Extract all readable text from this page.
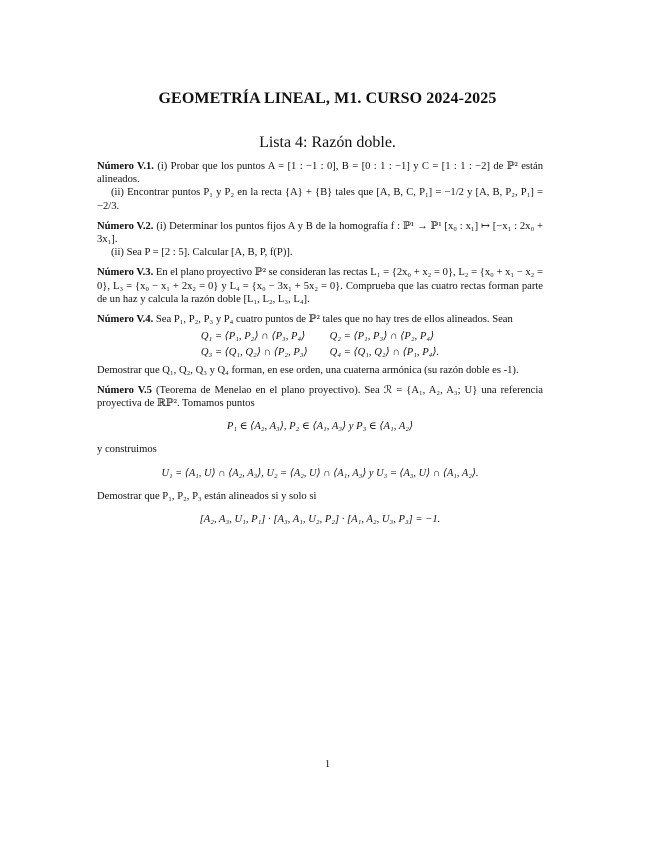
GEOMETRÍA LINEAL, M1. CURSO 2024-2025
Lista 4: Razón doble.

Número V.1. (i) Probar que los puntos A = [1 : −1 : 0], B = [0 : 1 : −1] y C = [1 : 1 : −2] de ℙ² están alineados.

(ii) Encontrar puntos P₁ y P₂ en la recta {A} + {B} tales que [A, B, C, P₁] = −1/2 y [A, B, P₂, P₁] = −2/3.

Número V.2. (i) Determinar los puntos fijos A y B de la homografía f : ℙ¹ → ℙ¹ [x₀ : x₁] ↦ [−x₁ : 2x₀ + 3x₁].

(ii) Sea P = [2 : 5]. Calcular [A, B, P, f(P)].

Número V.3. En el plano proyectivo ℙ² se consideran las rectas L₁ = {2x₀ + x₂ = 0}, L₂ = {x₀ + x₁ − x₂ = 0}, L₃ = {x₀ − x₁ + 2x₂ = 0} y L₄ = {x₀ − 3x₁ + 5x₂ = 0}. Comprueba que las cuatro rectas forman parte de un haz y calcula la razón doble [L₁, L₂, L₃, L₄].

Número V.4. Sea P₁, P₂, P₃ y P₄ cuatro puntos de ℙ² tales que no hay tres de ellos alineados. Sean

Q₁ = ⟨P₁, P₂⟩ ∩ ⟨P₃, P₄⟩ Q₂ = ⟨P₁, P₃⟩ ∩ ⟨P₂, P₄⟩
Q₃ = ⟨Q₁, Q₂⟩ ∩ ⟨P₂, P₃⟩ Q₄ = ⟨Q₁, Q₂⟩ ∩ ⟨P₁, P₄⟩.

Demostrar que Q₁, Q₂, Q₃ y Q₄ forman, en ese orden, una cuaterna armónica (su razón doble es -1).

Número V.5 (Teorema de Menelao en el plano proyectivo). Sea ℛ = {A₁, A₂, A₃; U} una referencia proyectiva de ℝℙ². Tomamos puntos

P₁ ∈ ⟨A₂, A₃⟩, P₂ ∈ ⟨A₁, A₃⟩ y P₃ ∈ ⟨A₁, A₂⟩

y construimos

U₁ = ⟨A₁, U⟩ ∩ ⟨A₂, A₃⟩, U₂ = ⟨A₂, U⟩ ∩ ⟨A₁, A₃⟩ y U₃ = ⟨A₃, U⟩ ∩ ⟨A₁, A₂⟩.

Demostrar que P₁, P₂, P₃ están alineados si y solo si

[A₂, A₃, U₁, P₁] · [A₃, A₁, U₂, P₂] · [A₁, A₂, U₃, P₃] = −1.
1
